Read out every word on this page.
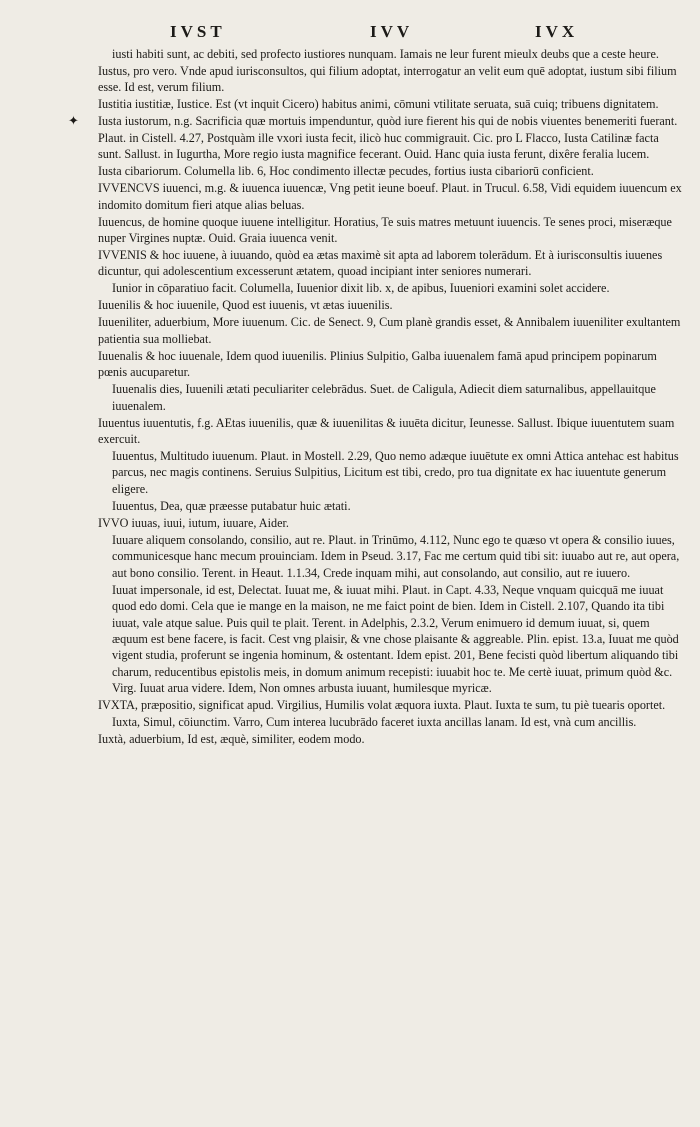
IVST	IVV	IVX

iusti habiti sunt, ac debiti, sed profecto iustiores nunquam. Iamais ne leur furent mieulx deubs que a ceste heure.

Iustus, pro vero. Vnde apud iurisconsultos, qui filium adoptat, interrogatur an velit eum quē adoptat, iustum sibi filium esse. Id est, verum filium.

Iustitia iustitiæ, Iustice. Est (vt inquit Cicero) habitus animi, cōmuni vtilitate seruata, suā cuiq; tribuens dignitatem.

✦ Iusta iustorum, n.g. Sacrificia quæ mortuis impenduntur, quòd iure fierent his qui de nobis viuentes benemeriti fuerant. Plaut. in Cistell. 4.27, Postquàm ille vxori iusta fecit, ilicò huc commigrauit. Cic. pro L Flacco, Iusta Catilinæ facta sunt. Sallust. in Iugurtha, More regio iusta magnifice fecerant. Ouid. Hanc quia iusta ferunt, dixêre feralia lucem.

Iusta cibariorum. Columella lib. 6, Hoc condimento illectæ pecudes, fortius iusta cibariorū conficient.

IVVENCVS iuuenci, m.g. & iuuenca iuuencæ, Vng petit ieune boeuf. Plaut. in Trucul. 6.58, Vidi equidem iuuencum ex indomito domitum fieri atque alias beluas.

Iuuencus, de homine quoque iuuene intelligitur. Horatius, Te suis matres metuunt iuuencis. Te senes proci, miseræque nuper Virgines nuptæ. Ouid. Graia iuuenca venit.

IVVENIS & hoc iuuene, à iuuando, quòd ea ætas maximè sit apta ad laborem tolerādum. Et à iurisconsultis iuuenes dicuntur, qui adolescentium excesserunt ætatem, quoad incipiant inter seniores numerari.

Iunior in cōparatiuo facit. Columella, Iuuenior dixit lib. x, de apibus, Iuueniori examini solet accidere.

Iuuenilis & hoc iuuenile, Quod est iuuenis, vt ætas iuuenilis.

Iuueniliter, aduerbium, More iuuenum. Cic. de Senect. 9, Cum planè grandis esset, & Annibalem iuueniliter exultantem patientia sua molliebat.

Iuuenalis & hoc iuuenale, Idem quod iuuenilis. Plinius Sulpitio, Galba iuuenalem famā apud principem popinarum pœnis aucuparetur.

Iuuenalis dies, Iuuenili ætati peculiariter celebrādus. Suet. de Caligula, Adiecit diem saturnalibus, appellauitque iuuenalem.

Iuuentus iuuentutis, f.g. AEtas iuuenilis, quæ & iuuenilitas & iuuēta dicitur, Ieunesse. Sallust. Ibique iuuentutem suam exercuit.

Iuuentus, Multitudo iuuenum. Plaut. in Mostell. 2.29, Quo nemo adæque iuuētute ex omni Attica antehac est habitus parcus, nec magis continens. Seruius Sulpitius, Licitum est tibi, credo, pro tua dignitate ex hac iuuentute generum eligere.

Iuuentus, Dea, quæ præesse putabatur huic ætati.

IVVO iuuas, iuui, iutum, iuuare, Aider.

Iuuare aliquem consolando, consilio, aut re. Plaut. in Trinūmo, 4.112, Nunc ego te quæso vt opera & consilio iuues, communicesque hanc mecum prouinciam. Idem in Pseud. 3.17, Fac me certum quid tibi sit: iuuabo aut re, aut opera, aut bono consilio. Terent. in Heaut. 1.1.34, Crede inquam mihi, aut consolando, aut consilio, aut re iuuero.

Iuuat impersonale, id est, Delectat. Iuuat me, & iuuat mihi. Plaut. in Capt. 4.33, Neque vnquam quicquā me iuuat quod edo domi. Cela que ie mange en la maison, ne me faict point de bien. Idem in Cistell. 2.107, Quando ita tibi iuuat, vale atque salue. Puis quil te plait. Terent. in Adelphis, 2.3.2, Verum enimuero id demum iuuat, si, quem æquum est bene facere, is facit. Cest vng plaisir, & vne chose plaisante & aggreable. Plin. epist. 13.a, Iuuat me quòd vigent studia, proferunt se ingenia hominum, & ostentant. Idem epist. 201, Bene fecisti quòd libertum aliquando tibi charum, reducentibus epistolis meis, in domum animum recepisti: iuuabit hoc te. Me certè iuuat, primum quòd &c. Virg. Iuuat arua videre. Idem, Non omnes arbusta iuuant, humilesque myricæ.

IVXTA, præpositio, significat apud. Virgilius, Humilis volat æquora iuxta. Plaut. Iuxta te sum, tu piè tuearis oportet.

Iuxta, Simul, cōiunctim. Varro, Cum interea lucubrādo faceret iuxta ancillas lanam. Id est, vnà cum ancillis.

Iuxtà, aduerbium, Id est, æquè, similiter, eodem modo.
